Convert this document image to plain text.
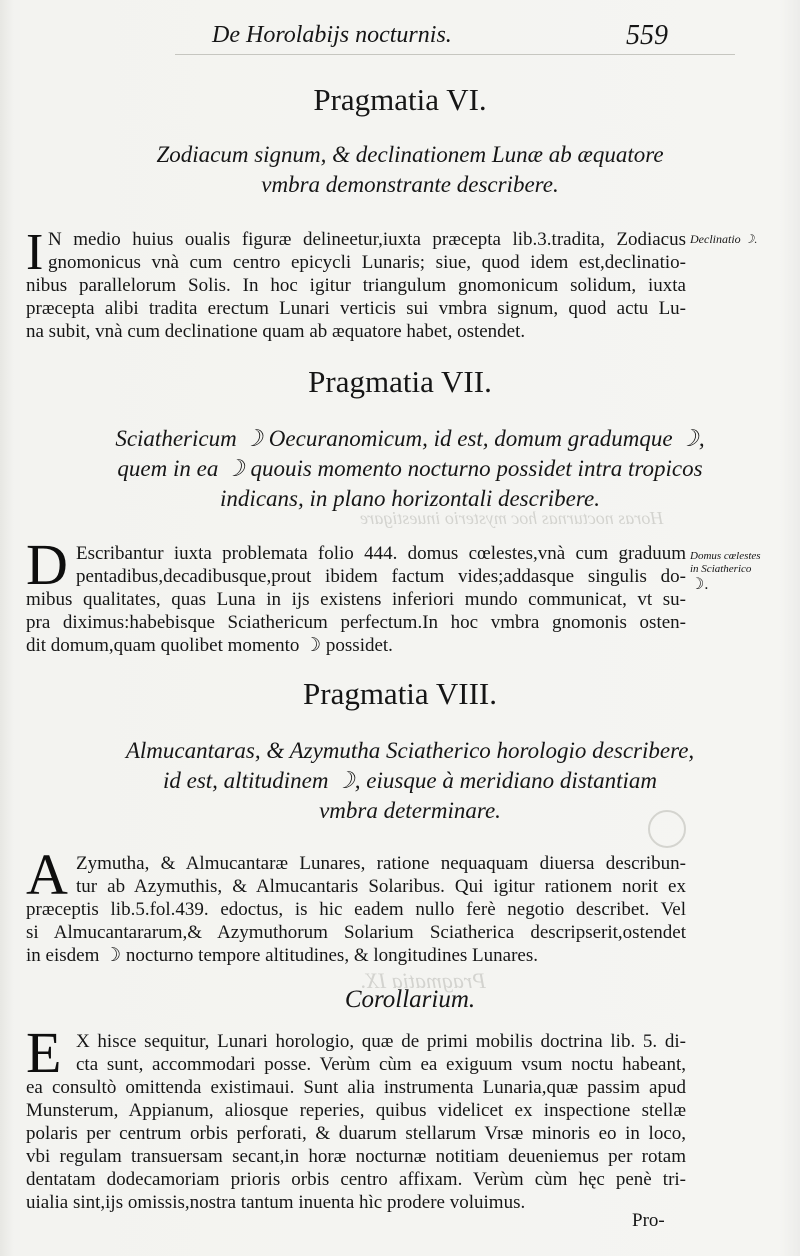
Horas nocturnas hoc mysterio inuestigare
Pragmatia IX.
De Horolabijs nocturnis.	559
Pragmatia VI.
Zodiacum signum, & declinationem Lunæ ab æquatore
vmbra demonstrante describere.
Declinatio ☽.
I N medio huius oualis figuræ delineetur,iuxta præcepta lib.3.tradita, Zodiacus
gnomonicus vnà cum centro epicycli Lunaris; siue, quod idem est,declinatio-
nibus parallelorum Solis. In hoc igitur triangulum gnomonicum solidum, iuxta
præcepta alibi tradita erectum Lunari verticis sui vmbra signum, quod actu Lu-
na subit, vnà cum declinatione quam ab æquatore habet, ostendet.
Pragmatia VII.
Sciathericum ☽ Oecuranomicum, id est, domum gradumque ☽,
quem in ea ☽ quouis momento nocturno possidet intra tropicos
indicans, in plano horizontali describere.
Domus cœlestes
in Sciatherico
☽.
D Escribantur iuxta problemata folio 444. domus cœlestes,vnà cum graduum
pentadibus,decadibusque,prout ibidem factum vides;addasque singulis do-
mibus qualitates, quas Luna in ijs existens inferiori mundo communicat, vt su-
pra diximus:habebisque Sciathericum perfectum.In hoc vmbra gnomonis osten-
dit domum,quam quolibet momento ☽ possidet.
Pragmatia VIII.
Almucantaras, & Azymutha Sciatherico horologio describere,
id est, altitudinem ☽, eiusque à meridiano distantiam
vmbra determinare.
A Zymutha, & Almucantaræ Lunares, ratione nequaquam diuersa describun-
tur ab Azymuthis, & Almucantaris Solaribus. Qui igitur rationem norit ex
præceptis lib.5.fol.439. edoctus, is hic eadem nullo ferè negotio describet. Vel
si Almucantararum,& Azymuthorum Solarium Sciatherica descripserit,ostendet
in eisdem ☽ nocturno tempore altitudines, & longitudines Lunares.
Corollarium.
E X hisce sequitur, Lunari horologio, quæ de primi mobilis doctrina lib. 5. di-
cta sunt, accommodari posse. Verùm cùm ea exiguum vsum noctu habeant,
ea consultò omittenda existimaui. Sunt alia instrumenta Lunaria,quæ passim apud
Munsterum, Appianum, aliosque reperies, quibus videlicet ex inspectione stellæ
polaris per centrum orbis perforati, & duarum stellarum Vrsæ minoris eo in loco,
vbi regulam transuersam secant,in horæ nocturnæ notitiam deueniemus per rotam
dentatam dodecamoriam prioris orbis centro affixam. Verùm cùm hęc penè tri-
uialia sint,ijs omissis,nostra tantum inuenta hìc prodere voluimus.
Pro-
